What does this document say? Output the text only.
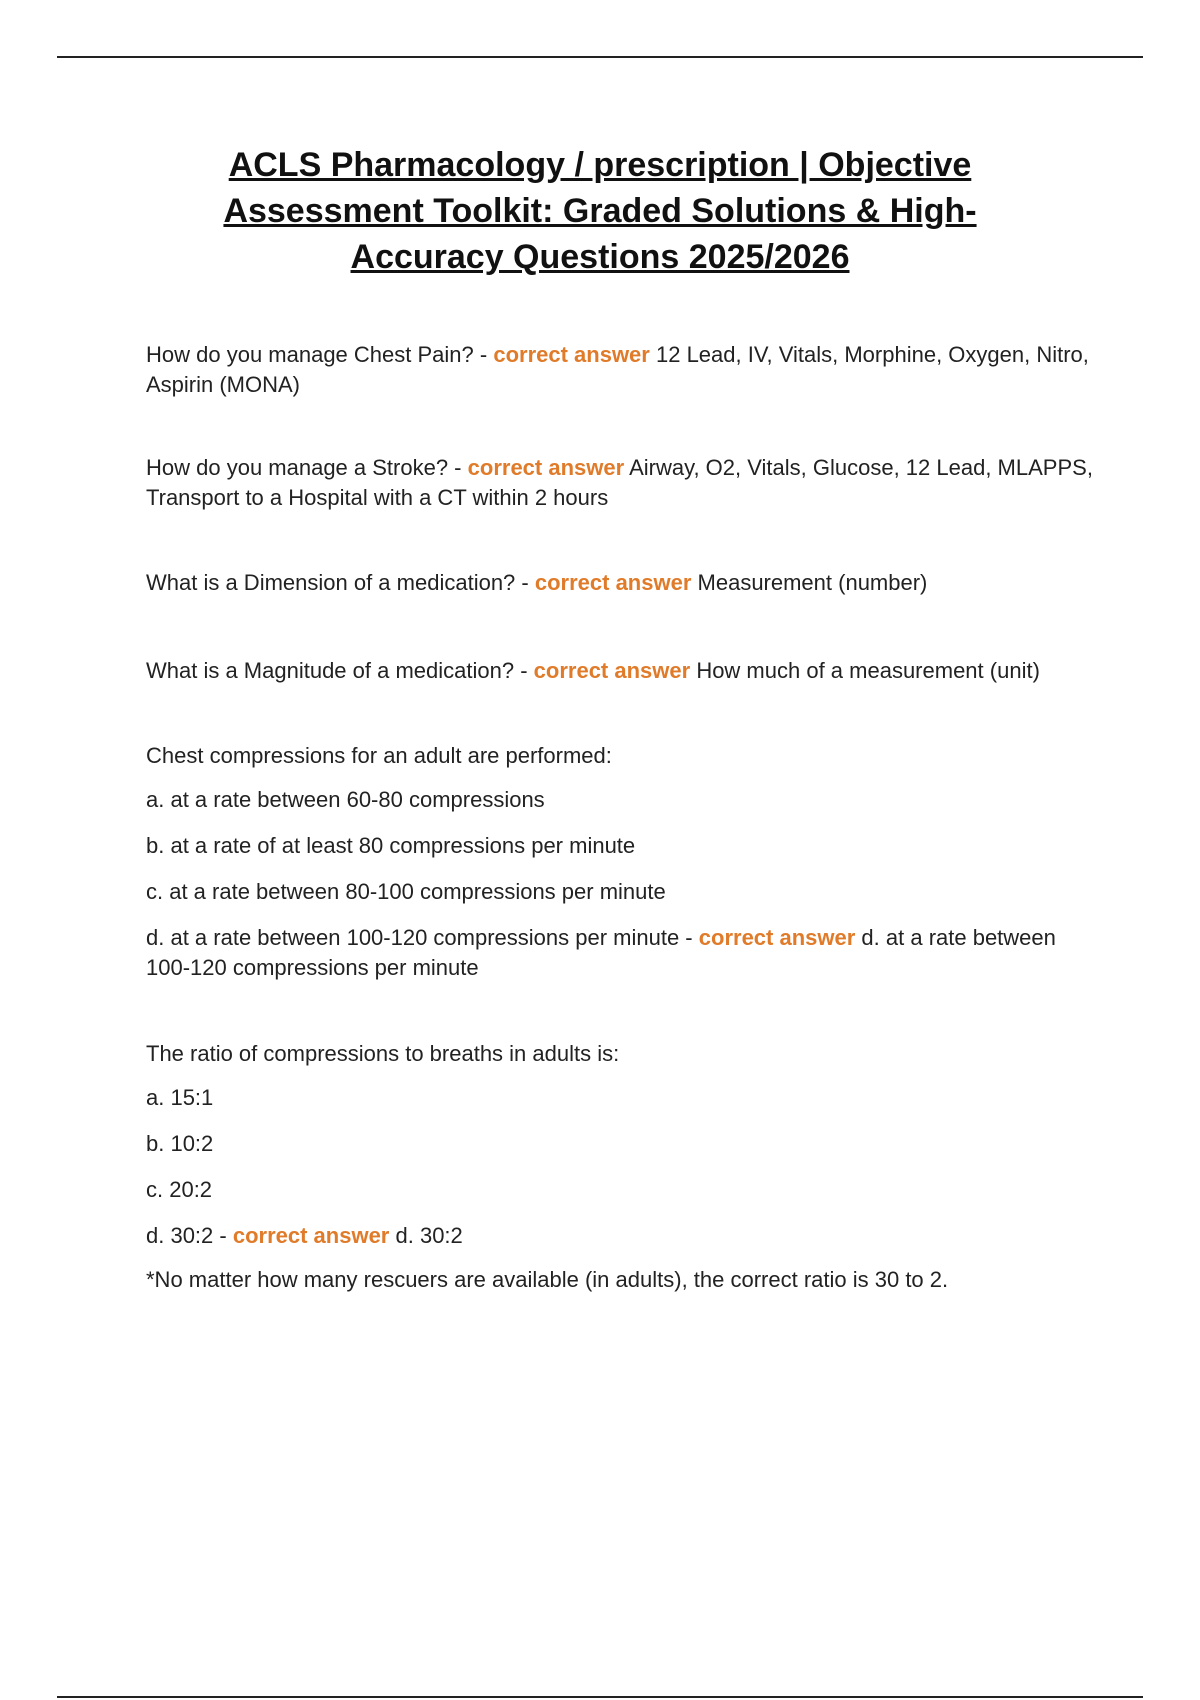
ACLS Pharmacology / prescription | Objective Assessment Toolkit: Graded Solutions & High-Accuracy Questions 2025/2026

How do you manage Chest Pain? - correct answer 12 Lead, IV, Vitals, Morphine, Oxygen, Nitro, Aspirin (MONA)

How do you manage a Stroke? - correct answer Airway, O2, Vitals, Glucose, 12 Lead, MLAPPS, Transport to a Hospital with a CT within 2 hours

What is a Dimension of a medication? - correct answer Measurement (number)

What is a Magnitude of a medication? - correct answer How much of a measurement (unit)

Chest compressions for an adult are performed:

a. at a rate between 60-80 compressions

b. at a rate of at least 80 compressions per minute

c. at a rate between 80-100 compressions per minute

d. at a rate between 100-120 compressions per minute - correct answer d. at a rate between 100-120 compressions per minute

The ratio of compressions to breaths in adults is:

a. 15:1

b. 10:2

c. 20:2

d. 30:2 - correct answer d. 30:2

*No matter how many rescuers are available (in adults), the correct ratio is 30 to 2.
